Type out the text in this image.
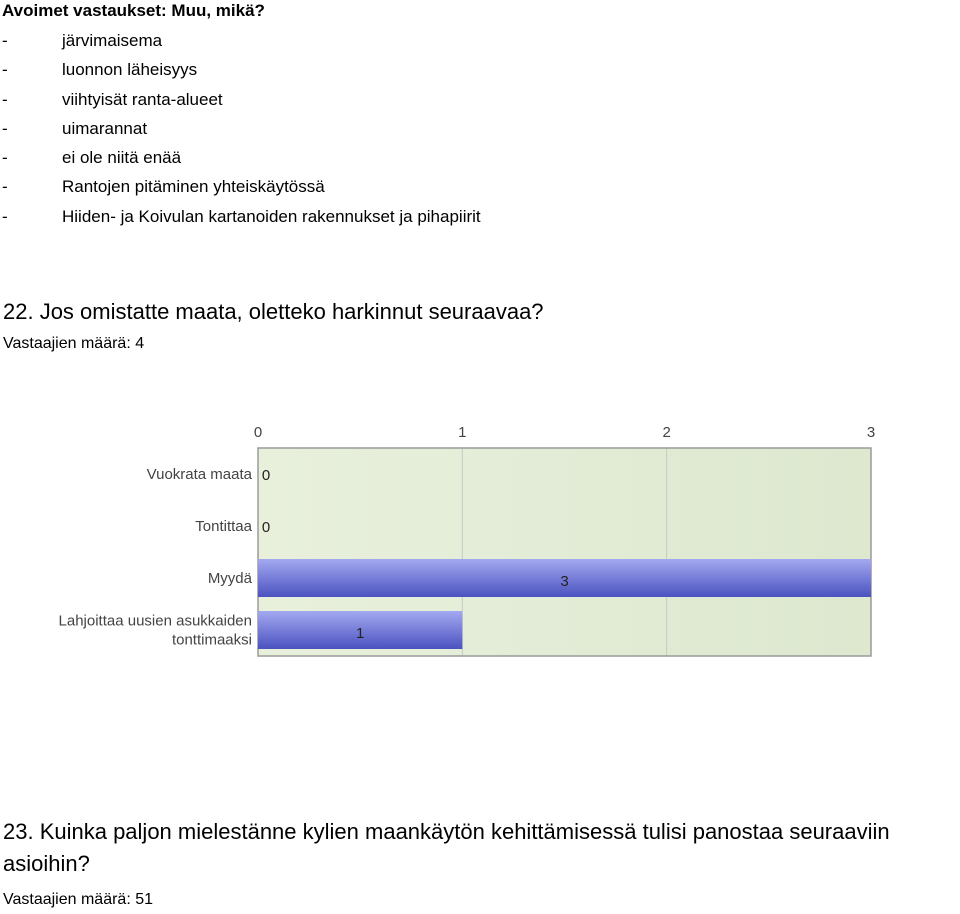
Avoimet vastaukset: Muu, mikä?
-	järvimaisema
-	luonnon läheisyys
-	viihtyisät ranta-alueet
-	uimarannat
-	ei ole niitä enää
-	Rantojen pitäminen yhteiskäytössä
-	Hiiden- ja Koivulan kartanoiden rakennukset ja pihapiirit
22. Jos omistatte maata, oletteko harkinnut seuraavaa?
Vastaajien määrä: 4
0	1	2	3
Vuokrata maata 0
Tontittaa 0
Myydä	3
Lahjoittaa uusien asukkaiden tonttimaaksi	1
23. Kuinka paljon mielestänne kylien maankäytön kehittämisessä tulisi panostaa seuraaviin asioihin?
Vastaajien määrä: 51
